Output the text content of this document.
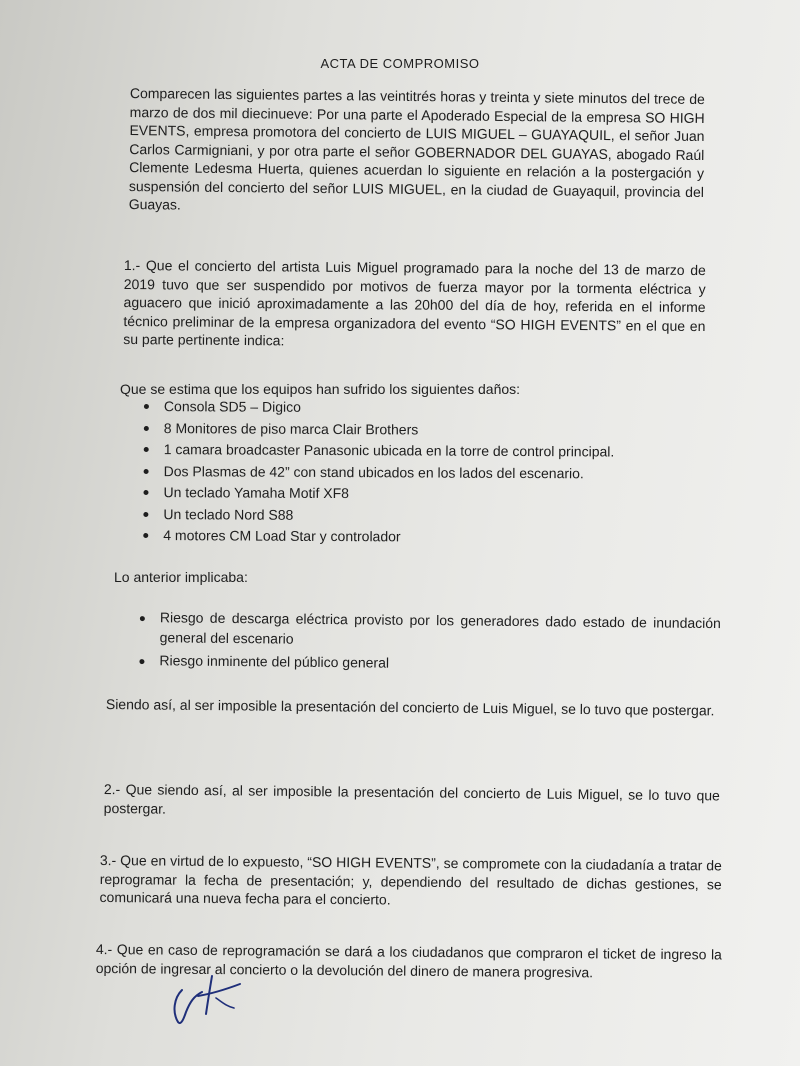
ACTA DE COMPROMISO

Comparecen las siguientes partes a las veintitrés horas y treinta y siete minutos del trece de marzo de dos mil diecinueve: Por una parte el Apoderado Especial de la empresa SO HIGH EVENTS, empresa promotora del concierto de LUIS MIGUEL – GUAYAQUIL, el señor Juan Carlos Carmigniani, y por otra parte el señor GOBERNADOR DEL GUAYAS, abogado Raúl Clemente Ledesma Huerta, quienes acuerdan lo siguiente en relación a la postergación y suspensión del concierto del señor LUIS MIGUEL, en la ciudad de Guayaquil, provincia del Guayas.

1.- Que el concierto del artista Luis Miguel programado para la noche del 13 de marzo de 2019 tuvo que ser suspendido por motivos de fuerza mayor por la tormenta eléctrica y aguacero que inició aproximadamente a las 20h00 del día de hoy, referida en el informe técnico preliminar de la empresa organizadora del evento “SO HIGH EVENTS” en el que en su parte pertinente indica:

Que se estima que los equipos han sufrido los siguientes daños:

Consola SD5 – Digico
8 Monitores de piso marca Clair Brothers
1 camara broadcaster Panasonic ubicada en la torre de control principal.
Dos Plasmas de 42” con stand ubicados en los lados del escenario.
Un teclado Yamaha Motif XF8
Un teclado Nord S88
4 motores CM Load Star y controlador

Lo anterior implicaba:

Riesgo de descarga eléctrica provisto por los generadores dado estado de inundación general del escenario
Riesgo inminente del público general

Siendo así, al ser imposible la presentación del concierto de Luis Miguel, se lo tuvo que postergar.

2.- Que siendo así, al ser imposible la presentación del concierto de Luis Miguel, se lo tuvo que postergar.

3.- Que en virtud de lo expuesto, “SO HIGH EVENTS”, se compromete con la ciudadanía a tratar de reprogramar la fecha de presentación; y, dependiendo del resultado de dichas gestiones, se comunicará una nueva fecha para el concierto.

4.- Que en caso de reprogramación se dará a los ciudadanos que compraron el ticket de ingreso la opción de ingresar al concierto o la devolución del dinero de manera progresiva.
